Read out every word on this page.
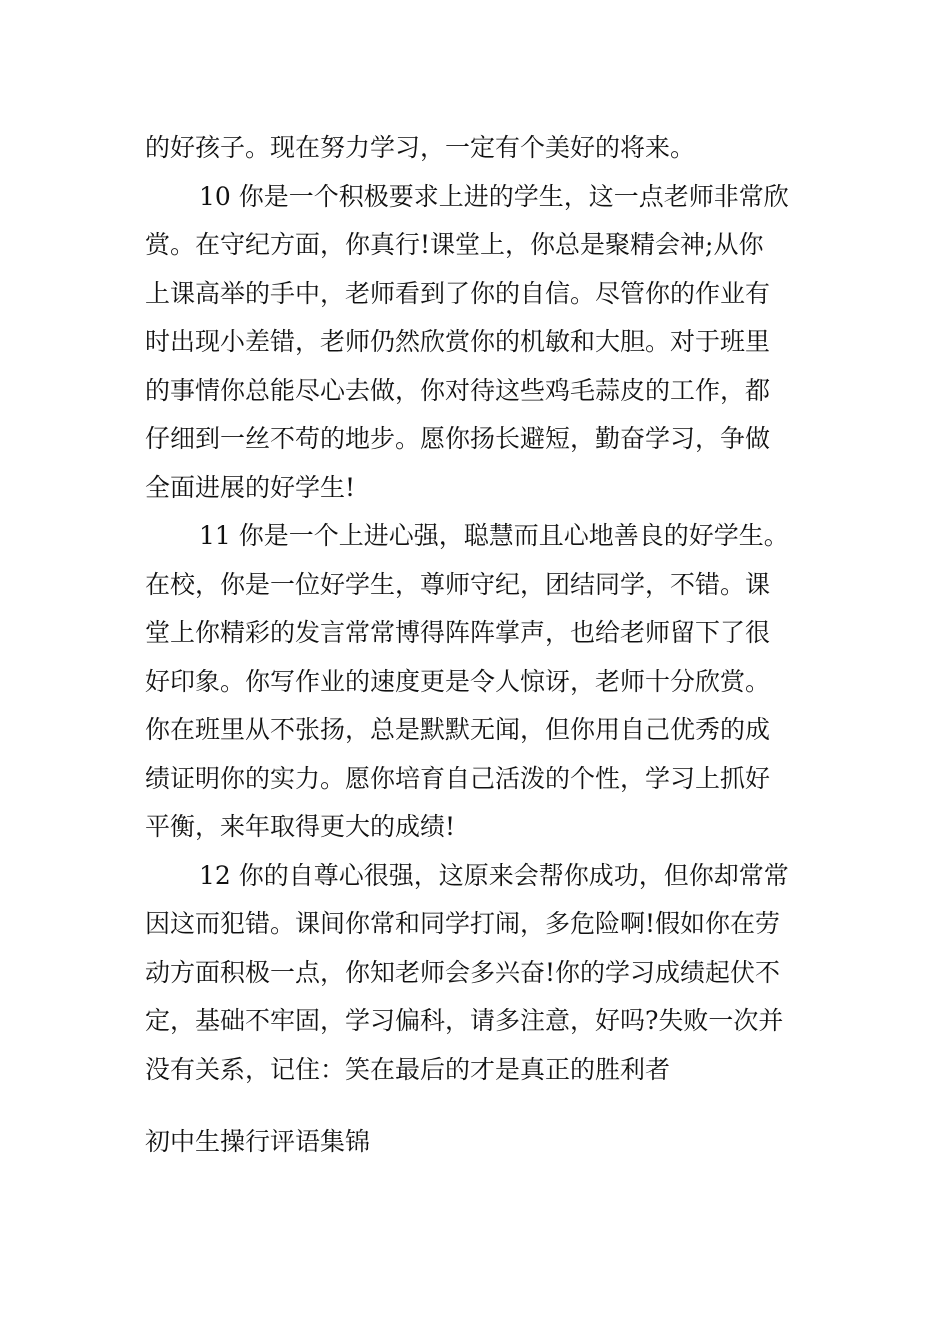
的好孩子。现在努力学习，一定有个美好的将来。

10 你是一个积极要求上进的学生，这一点老师非常欣
赏。在守纪方面，你真行!课堂上，你总是聚精会神;从你
上课高举的手中，老师看到了你的自信。尽管你的作业有
时出现小差错，老师仍然欣赏你的机敏和大胆。对于班里
的事情你总能尽心去做，你对待这些鸡毛蒜皮的工作，都
仔细到一丝不苟的地步。愿你扬长避短，勤奋学习，争做
全面进展的好学生!

11 你是一个上进心强，聪慧而且心地善良的好学生。
在校，你是一位好学生，尊师守纪，团结同学，不错。课
堂上你精彩的发言常常博得阵阵掌声，也给老师留下了很
好印象。你写作业的速度更是令人惊讶，老师十分欣赏。
你在班里从不张扬，总是默默无闻，但你用自己优秀的成
绩证明你的实力。愿你培育自己活泼的个性，学习上抓好
平衡，来年取得更大的成绩!

12 你的自尊心很强，这原来会帮你成功，但你却常常
因这而犯错。课间你常和同学打闹，多危险啊!假如你在劳
动方面积极一点，你知老师会多兴奋!你的学习成绩起伏不
定，基础不牢固，学习偏科，请多注意，好吗?失败一次并
没有关系，记住：笑在最后的才是真正的胜利者

初中生操行评语集锦
